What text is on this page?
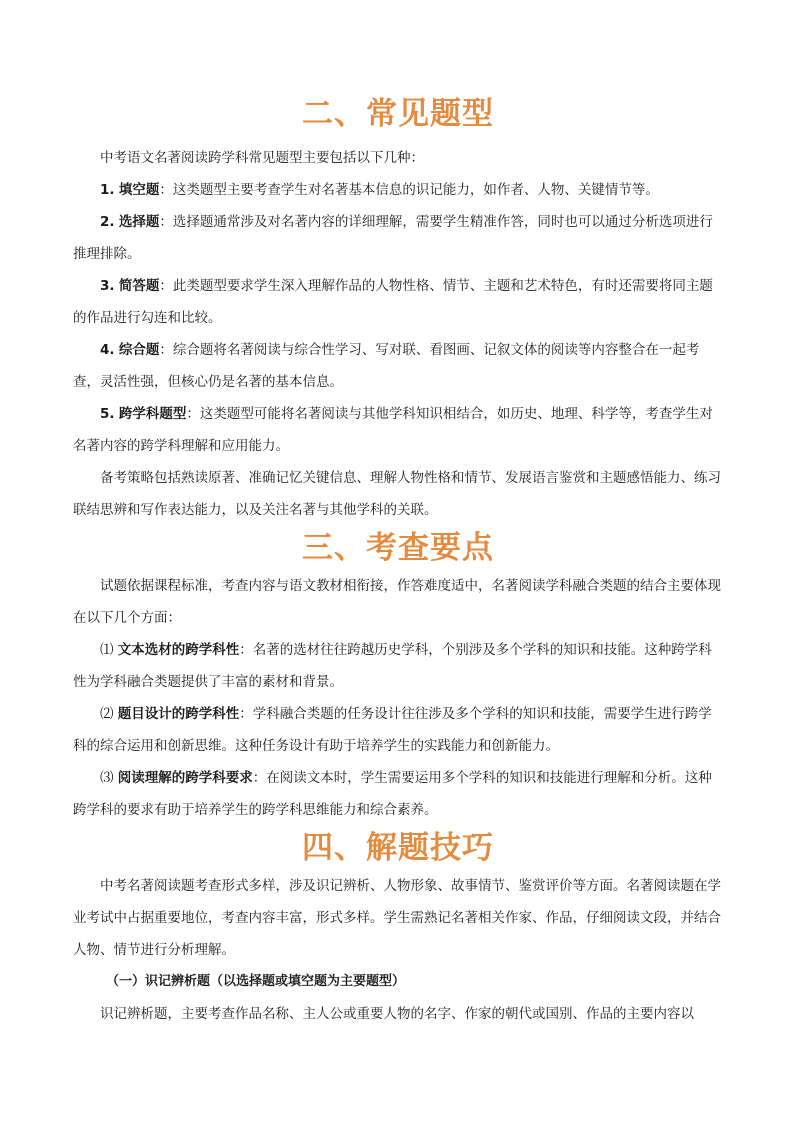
二、常见题型

中考语文名著阅读跨学科常见题型主要包括以下几种：

1. 填空题：这类题型主要考查学生对名著基本信息的识记能力，如作者、人物、关键情节等。

2. 选择题：选择题通常涉及对名著内容的详细理解，需要学生精准作答，同时也可以通过分析选项进行推理排除。

3. 简答题：此类题型要求学生深入理解作品的人物性格、情节、主题和艺术特色，有时还需要将同主题的作品进行勾连和比较。

4. 综合题：综合题将名著阅读与综合性学习、写对联、看图画、记叙文体的阅读等内容整合在一起考查，灵活性强，但核心仍是名著的基本信息。

5. 跨学科题型：这类题型可能将名著阅读与其他学科知识相结合，如历史、地理、科学等，考查学生对名著内容的跨学科理解和应用能力。

备考策略包括熟读原著、准确记忆关键信息、理解人物性格和情节、发展语言鉴赏和主题感悟能力、练习联结思辨和写作表达能力，以及关注名著与其他学科的关联。

三、考查要点

试题依据课程标准，考查内容与语文教材相衔接，作答难度适中，名著阅读学科融合类题的结合主要体现在以下几个方面：

⑴ 文本选材的跨学科性：名著的选材往往跨越历史学科，个别涉及多个学科的知识和技能。这种跨学科性为学科融合类题提供了丰富的素材和背景。

⑵ 题目设计的跨学科性：学科融合类题的任务设计往往涉及多个学科的知识和技能，需要学生进行跨学科的综合运用和创新思维。这种任务设计有助于培养学生的实践能力和创新能力。

⑶ 阅读理解的跨学科要求：在阅读文本时，学生需要运用多个学科的知识和技能进行理解和分析。这种跨学科的要求有助于培养学生的跨学科思维能力和综合素养。

四、解题技巧

中考名著阅读题考查形式多样，涉及识记辨析、人物形象、故事情节、鉴赏评价等方面。名著阅读题在学业考试中占据重要地位，考查内容丰富，形式多样。学生需熟记名著相关作家、作品，仔细阅读文段，并结合人物、情节进行分析理解。

（一）识记辨析题（以选择题或填空题为主要题型）

识记辨析题，主要考查作品名称、主人公或重要人物的名字、作家的朝代或国别、作品的主要内容以
